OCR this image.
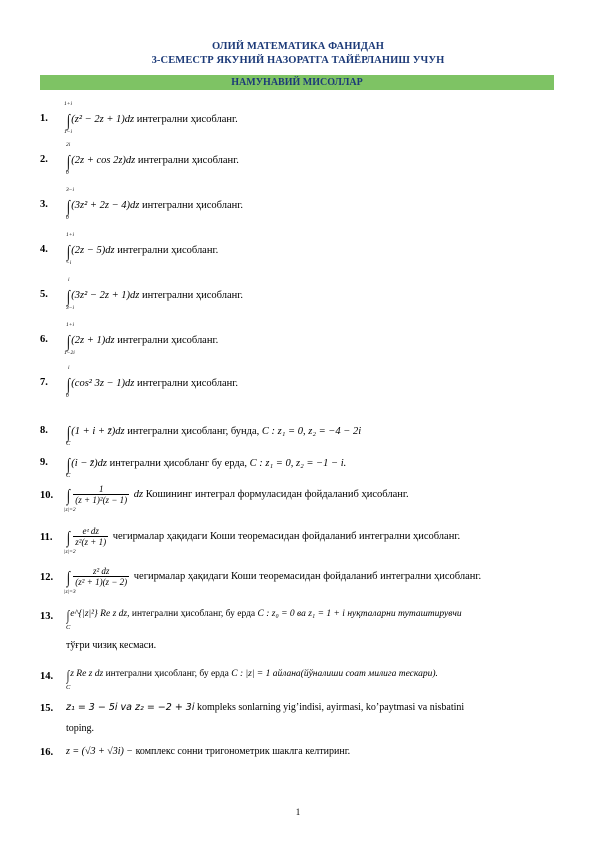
ОЛИЙ МАТЕМАТИКА ФАНИДАН
3-СЕМЕСТР ЯКУНИЙ НАЗОРАТГА ТАЙЁРЛАНИШ УЧУН
НАМУНАВИЙ МИСОЛЛАР
1.
1+i
1−i
∫ (z² − 2z + 1)dz интегрални ҳисобланг.
2.
2i
0
∫ (2z + cos 2z)dz интегрални ҳисобланг.
3.
3−i
0
∫ (3z² + 2z − 4)dz интегрални ҳисобланг.
4.
1+i
−i
∫ (2z − 5)dz интегрални ҳисобланг.
5.
i
3−i
∫ (3z² − 2z + 1)dz интегрални ҳисобланг.
6.
1+i
1−2i
∫ (2z + 1)dz интегрални ҳисобланг.
7.
i
0
∫ (cos² 3z − 1)dz интегрални ҳисобланг.
8.
C
∫ (1 + i + z̄)dz интегрални ҳисобланг, бунда, C : z₁ = 0, z₂ = −4 − 2i
9.
C
∫ (i − z̄)dz интегрални ҳисобланг бу ерда, C : z₁ = 0, z₂ = −1 − i.
10.
|z|=2
∫ $\frac{1}{\text{(z + 1)²(z − 1)}}$ dz Кошининг интеграл формуласидан фойдаланиб ҳисобланг.
11.
|z|=2
∫ $\frac{\text{eᶻ dz}}{\text{z²(z + 1)}}$ чегирмалар ҳақидаги Коши теоремасидан фойдаланиб интегрални ҳисобланг.
12.
|z|=3
∫ $\frac{\text{z² dz}}{\text{(z² + 1)(z − 2)}}$ чегирмалар ҳақидаги Коши теоремасидан фойдаланиб интегрални ҳисобланг.
13.
C
∫ e^{|z|²} Re z dz, интегрални ҳисобланг, бу ерда C : z₀ = 0 ва z₁ = 1 + i нуқталарни туташтирувчи
тўғри чизиқ кесмаси.
14.
C
∫ z Re z dz интегрални ҳисобланг, бу ерда C : |z| = 1 айлана(йўналиши соат милига тескари).
15. z₁ = 3 − 5i va z₂ = −2 + 3i kompleks sonlarning yig’indisi, ayirmasi, ko’paytmasi va nisbatini
toping.
16. z = (√3 + √3i) − комплекс сонни тригонометрик шаклга келтиринг.
1
